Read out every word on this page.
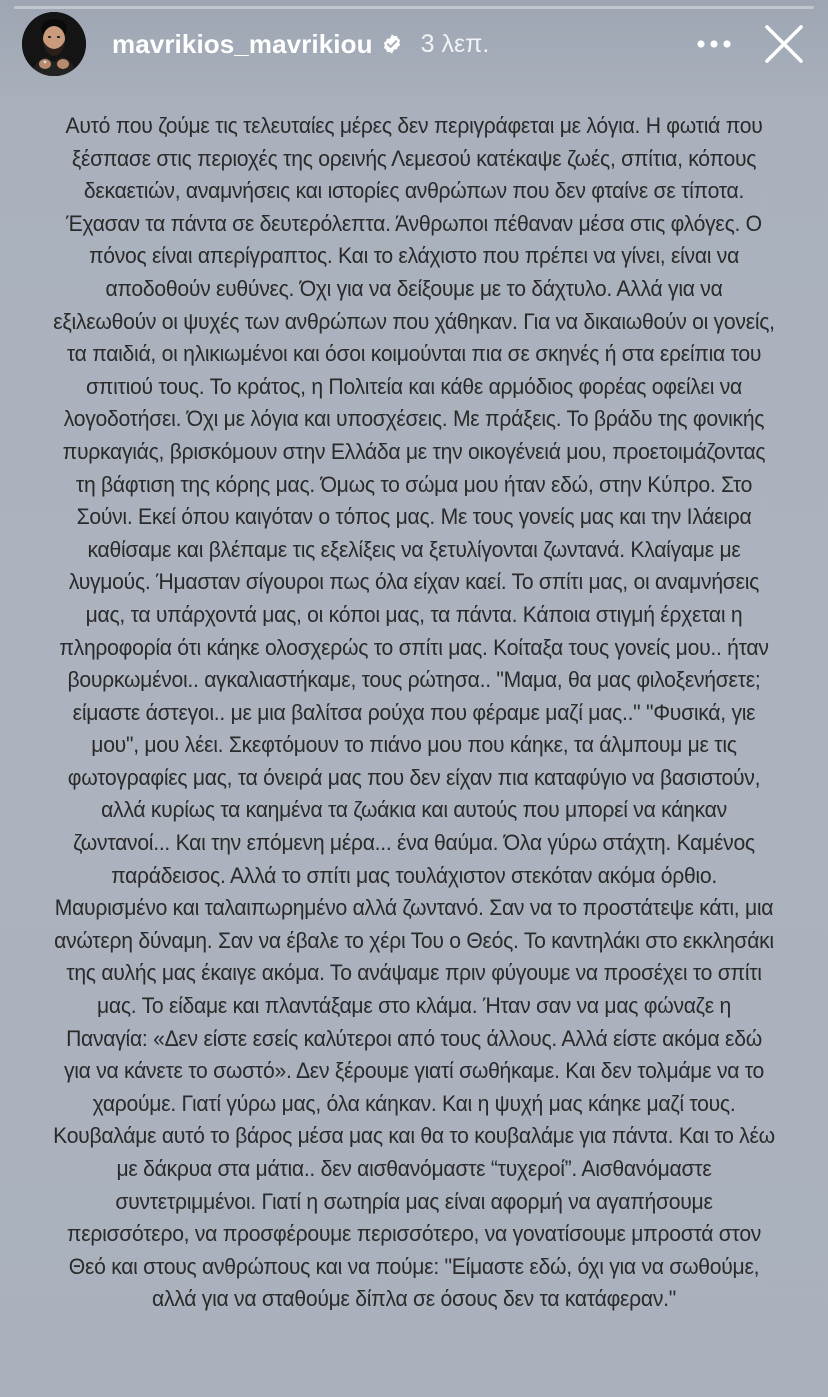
mavrikios_mavrikiou 3 λεπ.
Αυτό που ζούμε τις τελευταίες μέρες δεν περιγράφεται με λόγια. Η φωτιά που
ξέσπασε στις περιοχές της ορεινής Λεμεσού κατέκαψε ζωές, σπίτια, κόπους
δεκαετιών, αναμνήσεις και ιστορίες ανθρώπων που δεν φταίνε σε τίποτα.
Έχασαν τα πάντα σε δευτερόλεπτα. Άνθρωποι πέθαναν μέσα στις φλόγες. Ο
πόνος είναι απερίγραπτος. Και το ελάχιστο που πρέπει να γίνει, είναι να
αποδοθούν ευθύνες. Όχι για να δείξουμε με το δάχτυλο. Αλλά για να
εξιλεωθούν οι ψυχές των ανθρώπων που χάθηκαν. Για να δικαιωθούν οι γονείς,
τα παιδιά, οι ηλικιωμένοι και όσοι κοιμούνται πια σε σκηνές ή στα ερείπια του
σπιτιού τους. Το κράτος, η Πολιτεία και κάθε αρμόδιος φορέας οφείλει να
λογοδοτήσει. Όχι με λόγια και υποσχέσεις. Με πράξεις. Το βράδυ της φονικής
πυρκαγιάς, βρισκόμουν στην Ελλάδα με την οικογένειά μου, προετοιμάζοντας
τη βάφτιση της κόρης μας. Όμως το σώμα μου ήταν εδώ, στην Κύπρο. Στο
Σούνι. Εκεί όπου καιγόταν ο τόπος μας. Με τους γονείς μας και την Ιλάειρα
καθίσαμε και βλέπαμε τις εξελίξεις να ξετυλίγονται ζωντανά. Κλαίγαμε με
λυγμούς. Ήμασταν σίγουροι πως όλα είχαν καεί. Το σπίτι μας, οι αναμνήσεις
μας, τα υπάρχοντά μας, οι κόποι μας, τα πάντα. Κάποια στιγμή έρχεται η
πληροφορία ότι κάηκε ολοσχερώς το σπίτι μας. Κοίταξα τους γονείς μου.. ήταν
βουρκωμένοι.. αγκαλιαστήκαμε, τους ρώτησα.. "Μαμα, θα μας φιλοξενήσετε;
είμαστε άστεγοι.. με μια βαλίτσα ρούχα που φέραμε μαζί μας.." "Φυσικά, γιε
μου", μου λέει. Σκεφτόμουν το πιάνο μου που κάηκε, τα άλμπουμ με τις
φωτογραφίες μας, τα όνειρά μας που δεν είχαν πια καταφύγιο να βασιστούν,
αλλά κυρίως τα καημένα τα ζωάκια και αυτούς που μπορεί να κάηκαν
ζωντανοί... Και την επόμενη μέρα... ένα θαύμα. Όλα γύρω στάχτη. Καμένος
παράδεισος. Αλλά το σπίτι μας τουλάχιστον στεκόταν ακόμα όρθιο.
Μαυρισμένο και ταλαιπωρημένο αλλά ζωντανό. Σαν να το προστάτεψε κάτι, μια
ανώτερη δύναμη. Σαν να έβαλε το χέρι Του ο Θεός. Το καντηλάκι στο εκκλησάκι
της αυλής μας έκαιγε ακόμα. Το ανάψαμε πριν φύγουμε να προσέχει το σπίτι
μας. Το είδαμε και πλαντάξαμε στο κλάμα. Ήταν σαν να μας φώναζε η
Παναγία: «Δεν είστε εσείς καλύτεροι από τους άλλους. Αλλά είστε ακόμα εδώ
για να κάνετε το σωστό». Δεν ξέρουμε γιατί σωθήκαμε. Και δεν τολμάμε να το
χαρούμε. Γιατί γύρω μας, όλα κάηκαν. Και η ψυχή μας κάηκε μαζί τους.
Κουβαλάμε αυτό το βάρος μέσα μας και θα το κουβαλάμε για πάντα. Και το λέω
με δάκρυα στα μάτια.. δεν αισθανόμαστε “τυχεροί”. Αισθανόμαστε
συντετριμμένοι. Γιατί η σωτηρία μας είναι αφορμή να αγαπήσουμε
περισσότερο, να προσφέρουμε περισσότερο, να γονατίσουμε μπροστά στον
Θεό και στους ανθρώπους και να πούμε: "Είμαστε εδώ, όχι για να σωθούμε,
αλλά για να σταθούμε δίπλα σε όσους δεν τα κατάφεραν."
